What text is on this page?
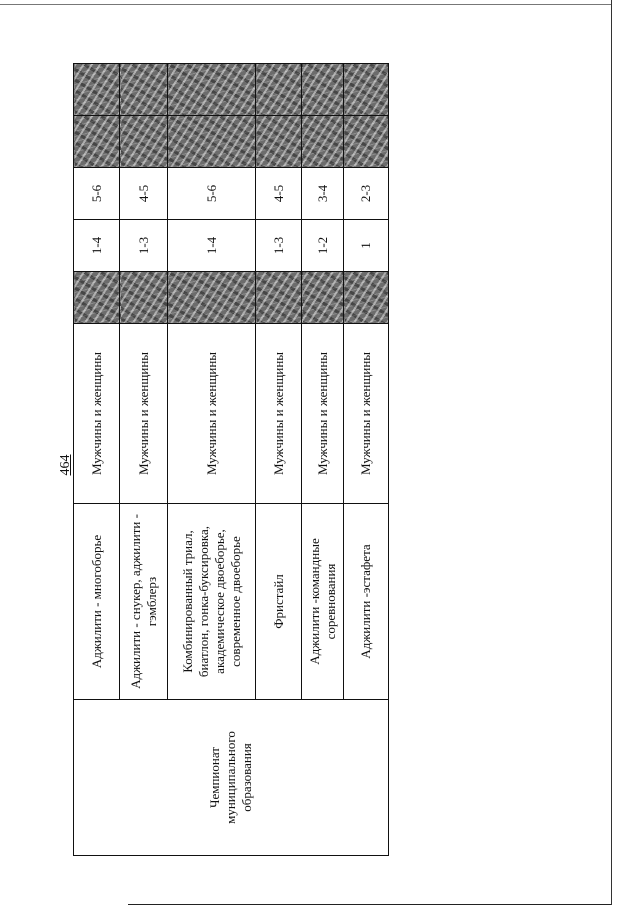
464
Чемпионат муниципального образования	Аджилити - многоборье	Мужчины и женщины		1-4	5-6		
	Аджилити - снукер, аджилити - гэмблерз	Мужчины и женщины		1-3	4-5		
	Комбинированный триал, биатлон, гонка-буксировка, академическое двоеборье, современное двоеборье	Мужчины и женщины		1-4	5-6		
	Фристайл	Мужчины и женщины		1-3	4-5		
	Аджилити -командные соревнования	Мужчины и женщины		1-2	3-4		
	Аджилити -эстафета	Мужчины и женщины		1	2-3		
